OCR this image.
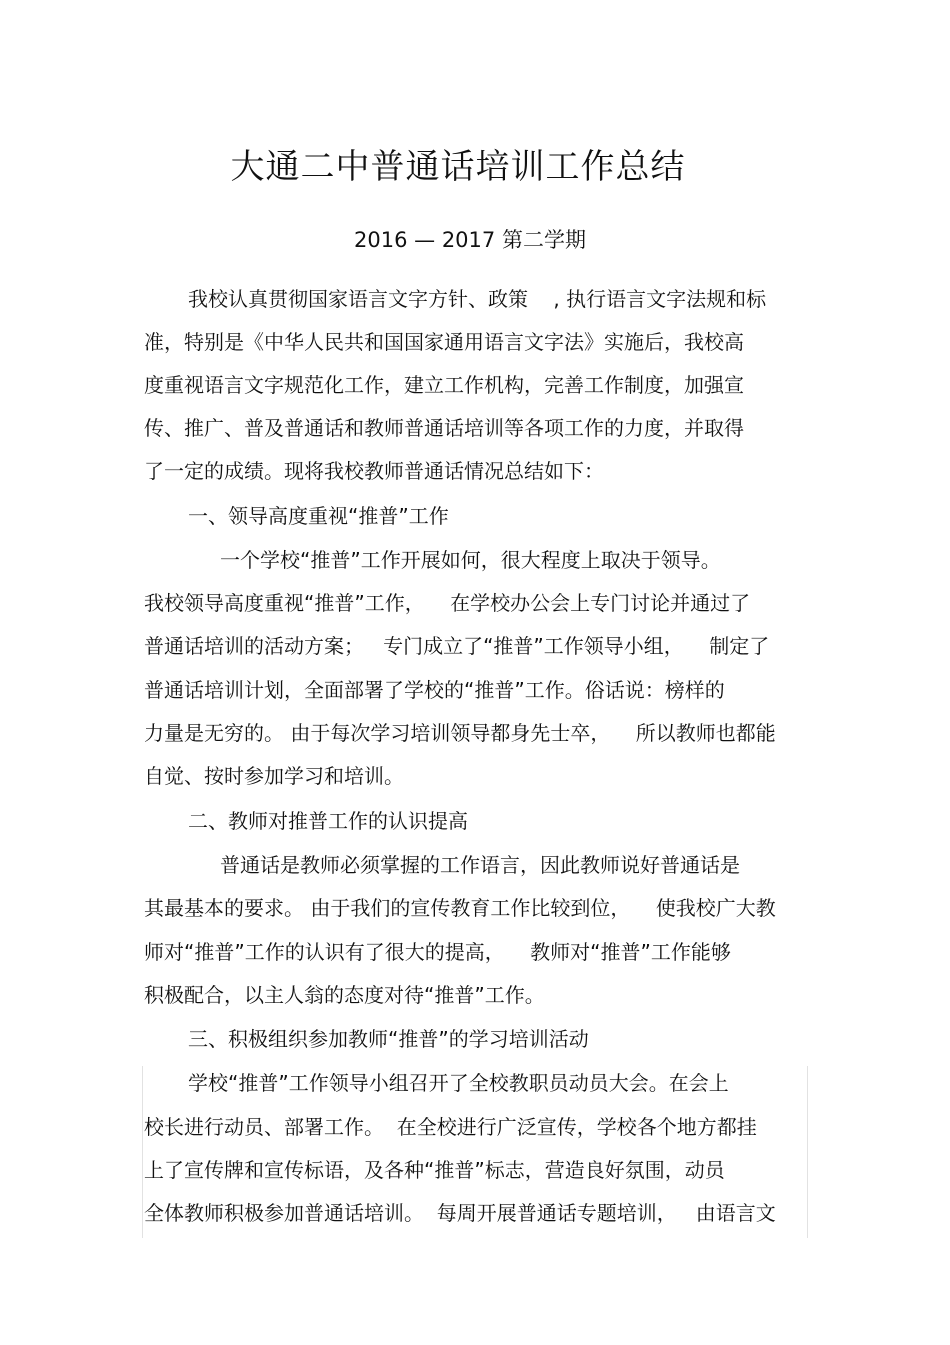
大通二中普通话培训工作总结
2016 — 2017 第二学期
我校认真贯彻国家语言文字方针、政策    , 执行语言文字法规和标
准，特别是《中华人民共和国国家通用语言文字法》实施后，我校高
度重视语言文字规范化工作，建立工作机构，完善工作制度，加强宣
传、推广、普及普通话和教师普通话培训等各项工作的力度，并取得
了一定的成绩。现将我校教师普通话情况总结如下：
一、领导高度重视“推普”工作
一个学校“推普”工作开展如何，很大程度上取决于领导。
我校领导高度重视“推普”工作，    在学校办公会上专门讨论并通过了
普通话培训的活动方案；   专门成立了“推普”工作领导小组，    制定了
普通话培训计划，全面部署了学校的“推普”工作。俗话说：榜样的
力量是无穷的。 由于每次学习培训领导都身先士卒，    所以教师也都能
自觉、按时参加学习和培训。
二、教师对推普工作的认识提高
普通话是教师必须掌握的工作语言，因此教师说好普通话是
其最基本的要求。 由于我们的宣传教育工作比较到位，    使我校广大教
师对“推普”工作的认识有了很大的提高，    教师对“推普”工作能够
积极配合，以主人翁的态度对待“推普”工作。
三、积极组织参加教师“推普”的学习培训活动
学校“推普”工作领导小组召开了全校教职员动员大会。在会上
校长进行动员、部署工作。  在全校进行广泛宣传，学校各个地方都挂
上了宣传牌和宣传标语，及各种“推普”标志，营造良好氛围，动员
全体教师积极参加普通话培训。  每周开展普通话专题培训，   由语言文
